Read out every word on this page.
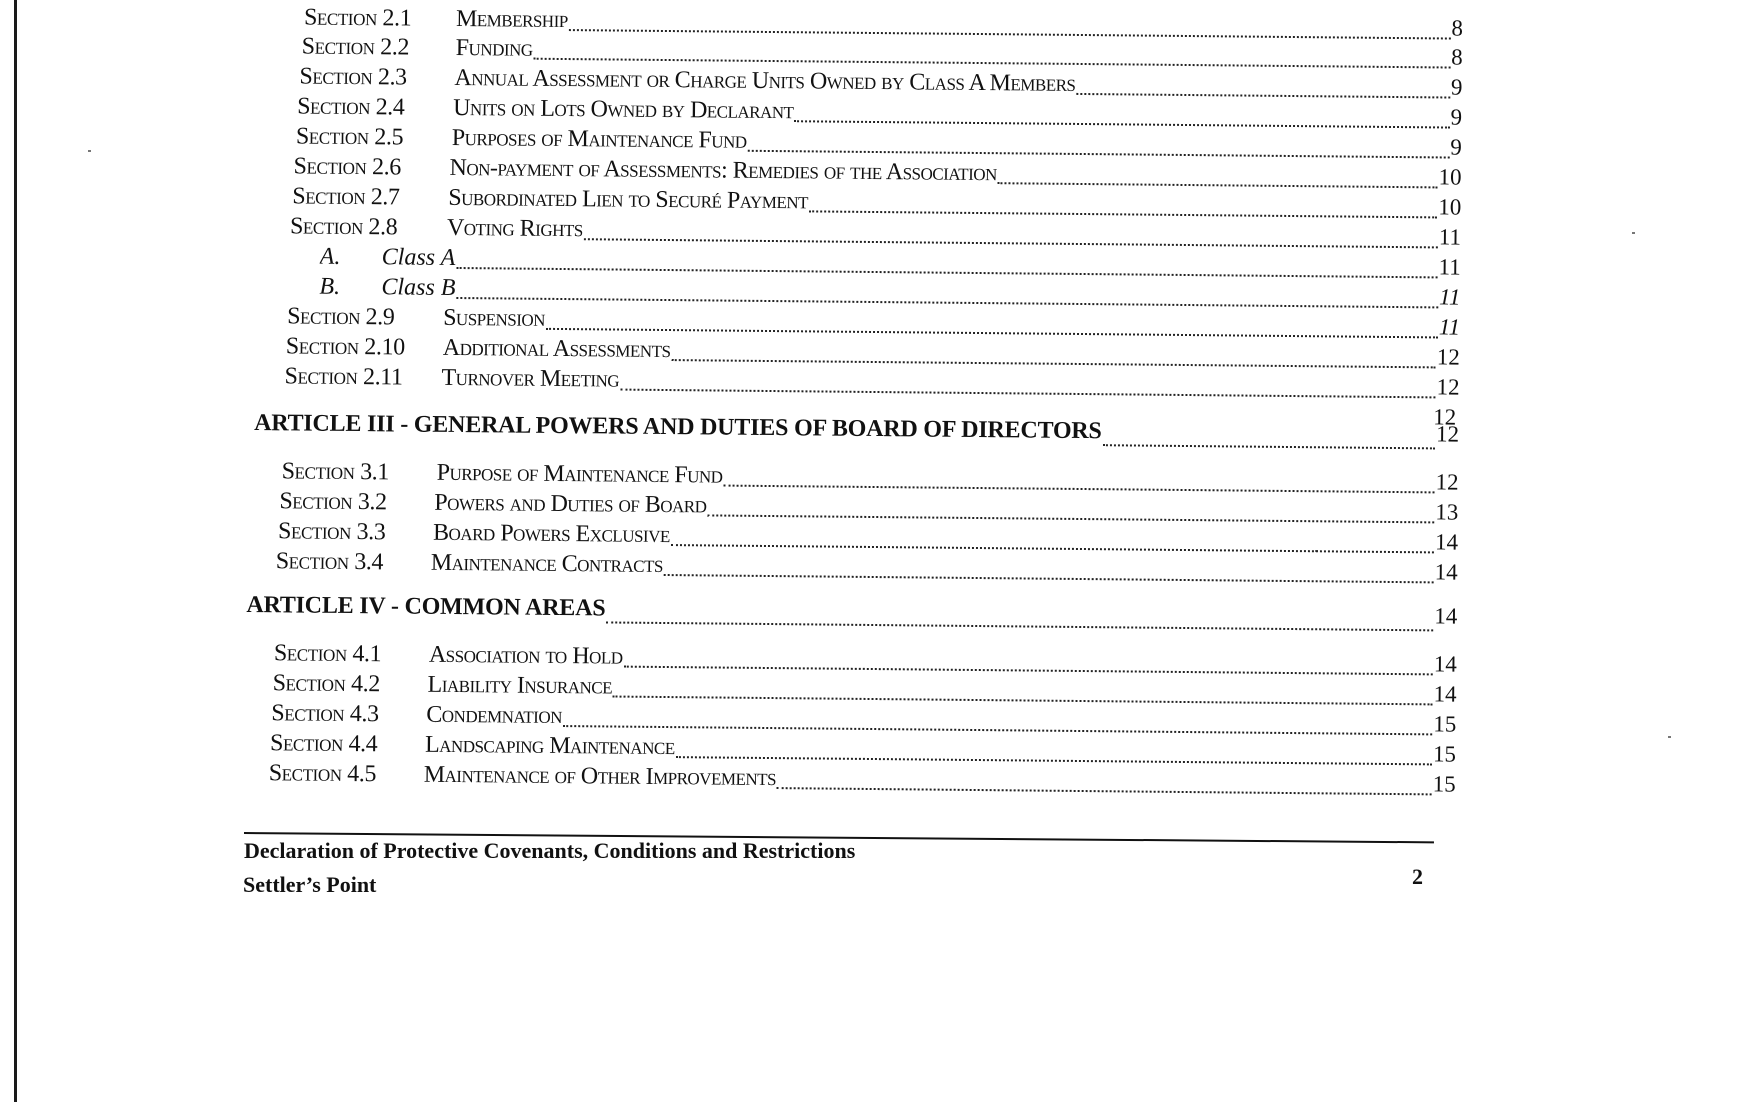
Section 2.1	Membership	8
Section 2.2	Funding	8
Section 2.3	Annual Assessment or Charge Units Owned by Class A Members	9
Section 2.4	Units on Lots Owned by Declarant	9
Section 2.5	Purposes of Maintenance Fund	9
Section 2.6	Non-payment of Assessments: Remedies of the Association	10
Section 2.7	Subordinated Lien to Securé Payment	10
Section 2.8	Voting Rights	11
A.	Class A	11
B.	Class B	11
Section 2.9	Suspension	11
Section 2.10	Additional Assessments	12
Section 2.11	Turnover Meeting	12
12
ARTICLE III - GENERAL POWERS AND DUTIES OF BOARD OF DIRECTORS	12
Section 3.1	Purpose of Maintenance Fund	12
Section 3.2	Powers and Duties of Board	13
Section 3.3	Board Powers Exclusive	14
Section 3.4	Maintenance Contracts	14
ARTICLE IV - COMMON AREAS	14
Section 4.1	Association to Hold	14
Section 4.2	Liability Insurance	14
Section 4.3	Condemnation	15
Section 4.4	Landscaping Maintenance	15
Section 4.5	Maintenance of Other Improvements	15
Declaration of Protective Covenants, Conditions and Restrictions
Settler’s Point	2
